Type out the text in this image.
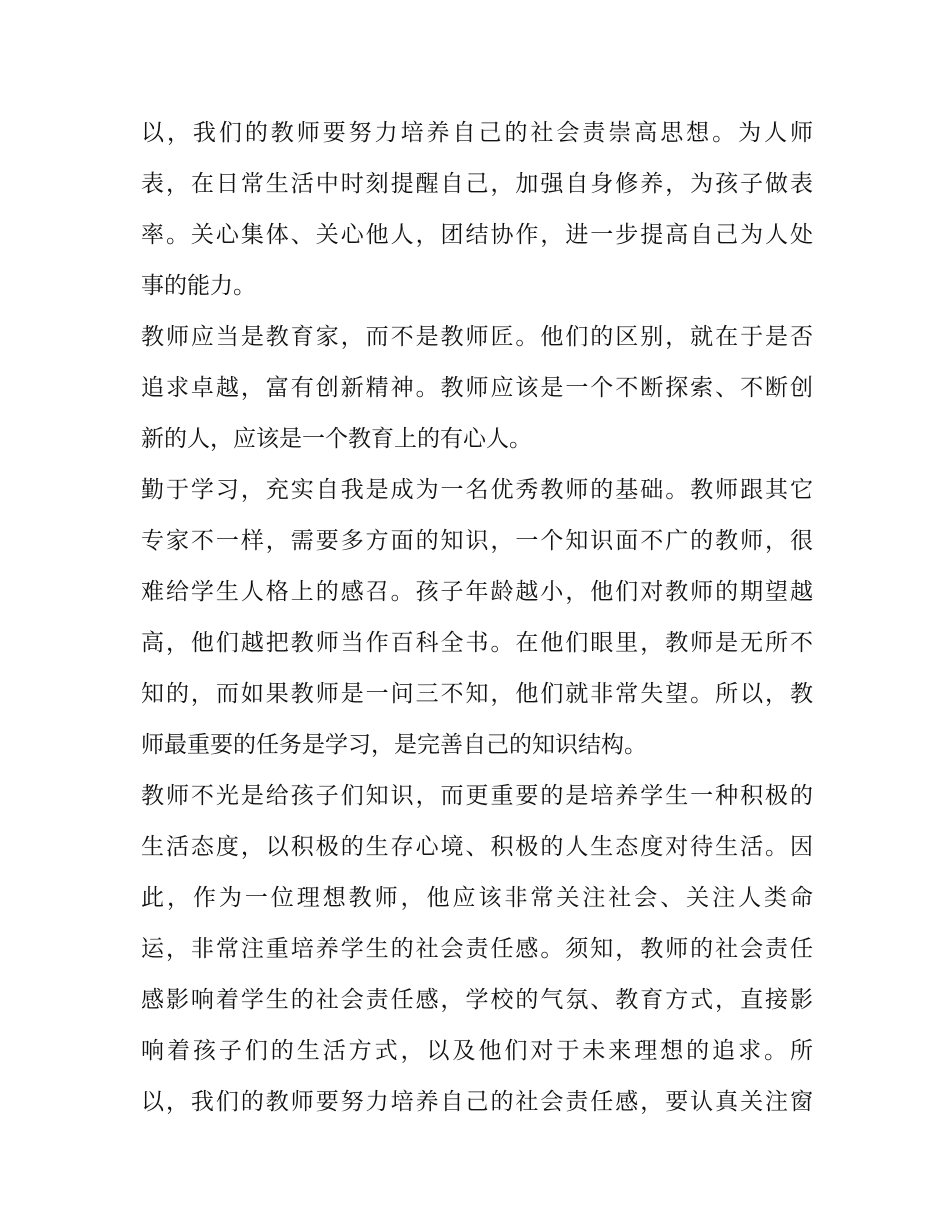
以，我们的教师要努力培养自己的社会责崇高思想。为人师
表，在日常生活中时刻提醒自己，加强自身修养，为孩子做表
率。关心集体、关心他人，团结协作，进一步提高自己为人处
事的能力。
教师应当是教育家，而不是教师匠。他们的区别，就在于是否
追求卓越，富有创新精神。教师应该是一个不断探索、不断创
新的人，应该是一个教育上的有心人。
勤于学习，充实自我是成为一名优秀教师的基础。教师跟其它
专家不一样，需要多方面的知识，一个知识面不广的教师，很
难给学生人格上的感召。孩子年龄越小，他们对教师的期望越
高，他们越把教师当作百科全书。在他们眼里，教师是无所不
知的，而如果教师是一问三不知，他们就非常失望。所以，教
师最重要的任务是学习，是完善自己的知识结构。
教师不光是给孩子们知识，而更重要的是培养学生一种积极的
生活态度，以积极的生存心境、积极的人生态度对待生活。因
此，作为一位理想教师，他应该非常关注社会、关注人类命
运，非常注重培养学生的社会责任感。须知，教师的社会责任
感影响着学生的社会责任感，学校的气氛、教育方式，直接影
响着孩子们的生活方式，以及他们对于未来理想的追求。所
以，我们的教师要努力培养自己的社会责任感，要认真关注窗
